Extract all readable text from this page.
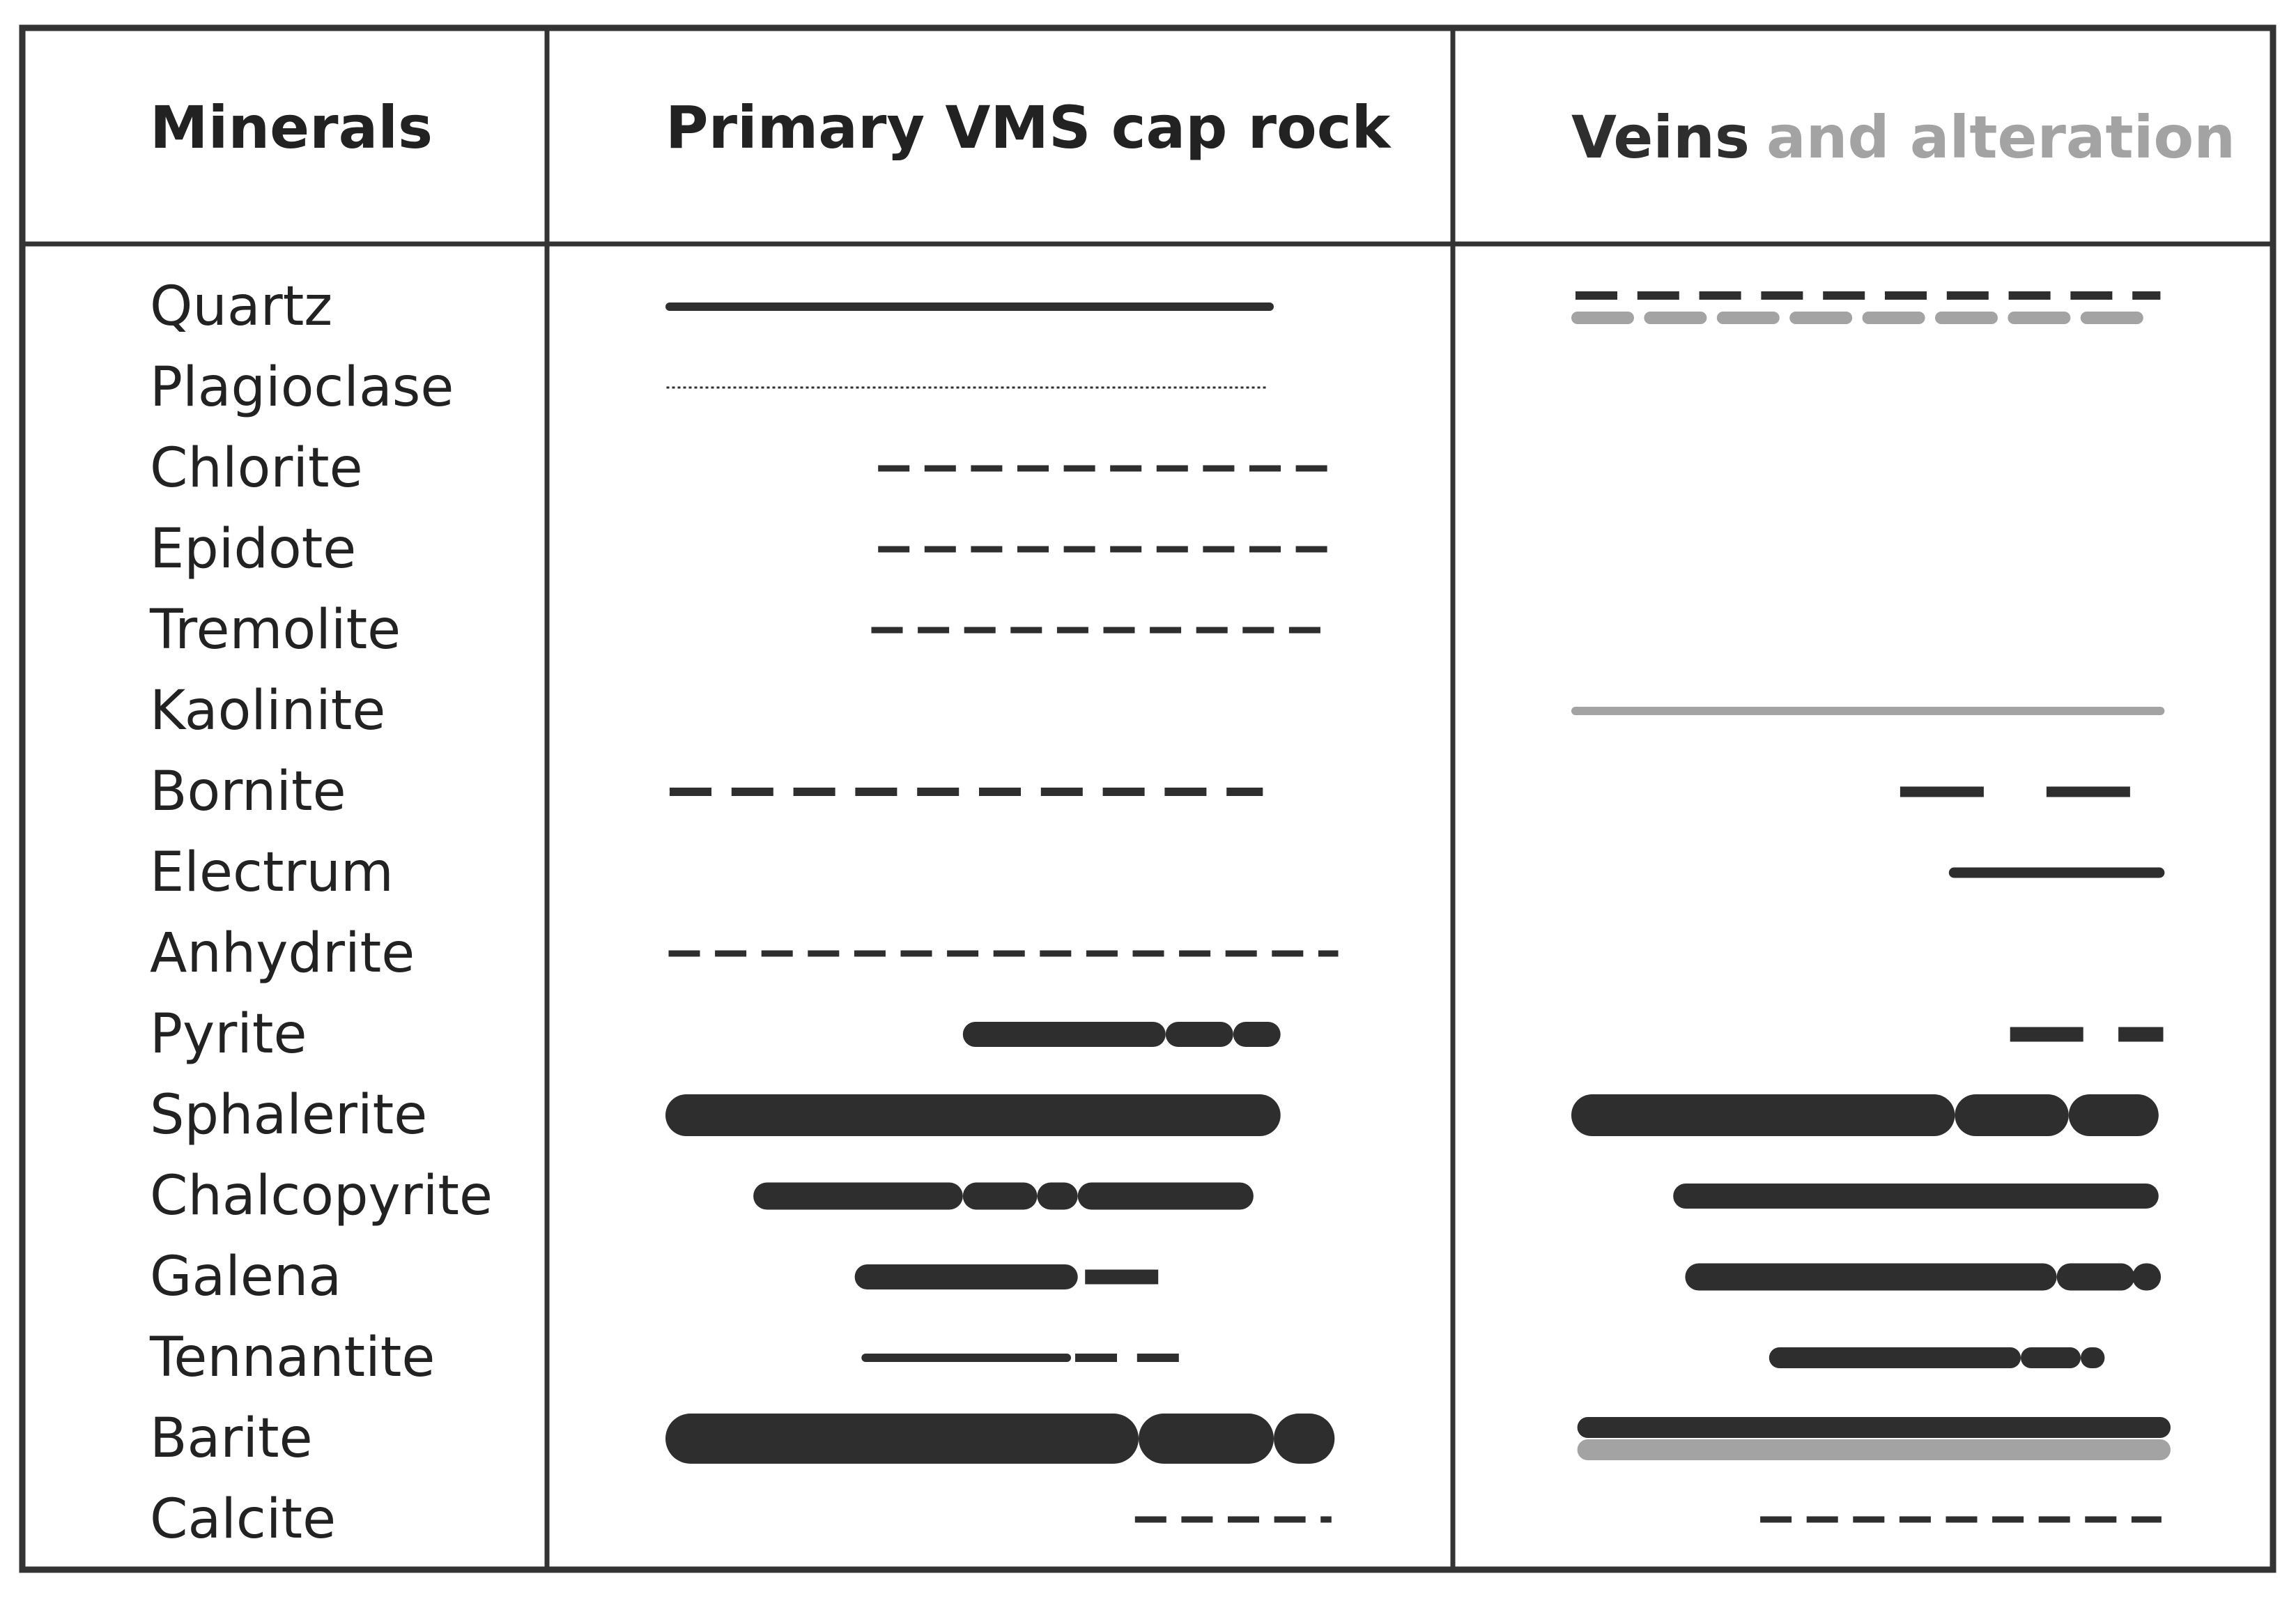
Minerals	Primary VMS cap rock	Veins and alteration
Quartz
Plagioclase
Chlorite
Epidote
Tremolite
Kaolinite
Bornite
Electrum
Anhydrite
Pyrite
Sphalerite
Chalcopyrite
Galena
Tennantite
Barite
Calcite
